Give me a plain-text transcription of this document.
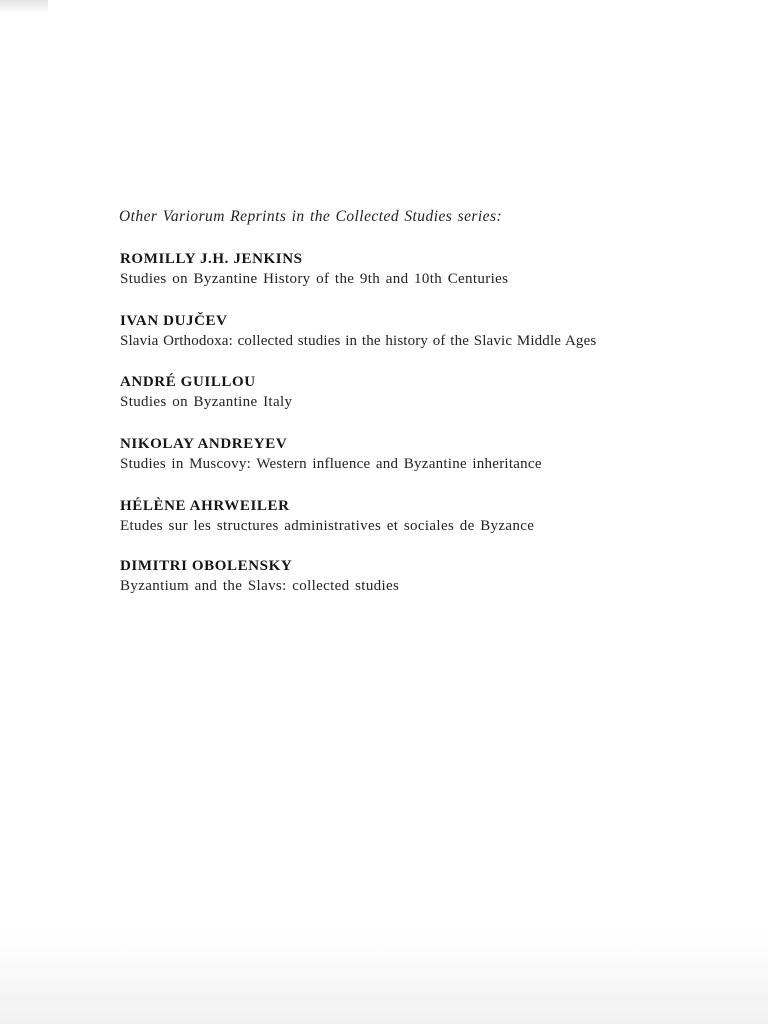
Other Variorum Reprints in the Collected Studies series:
ROMILLY J.H. JENKINS
Studies on Byzantine History of the 9th and 10th Centuries
IVAN DUJČEV
Slavia Orthodoxa: collected studies in the history of the Slavic Middle Ages
ANDRÉ GUILLOU
Studies on Byzantine Italy
NIKOLAY ANDREYEV
Studies in Muscovy: Western influence and Byzantine inheritance
HÉLÈNE AHRWEILER
Etudes sur les structures administratives et sociales de Byzance
DIMITRI OBOLENSKY
Byzantium and the Slavs: collected studies
